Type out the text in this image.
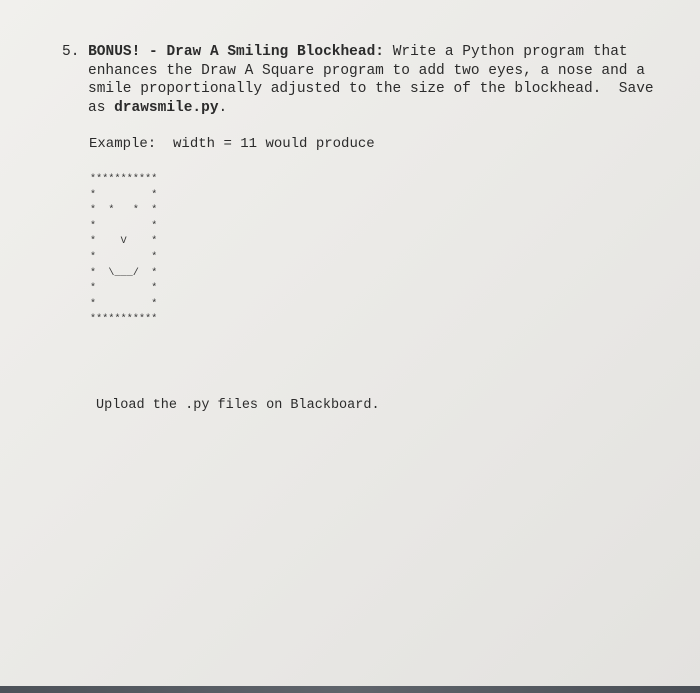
5. BONUS! - Draw A Smiling Blockhead: Write a Python program that
enhances the Draw A Square program to add two eyes, a nose and a
smile proportionally adjusted to the size of the blockhead.  Save
as drawsmile.py.
Example: width = 11 would produce
***********
*         *
*  *   *  *
*         *
*    V    *
*         *
*  \___/  *
*         *
*         *
***********
Upload the .py files on Blackboard.
